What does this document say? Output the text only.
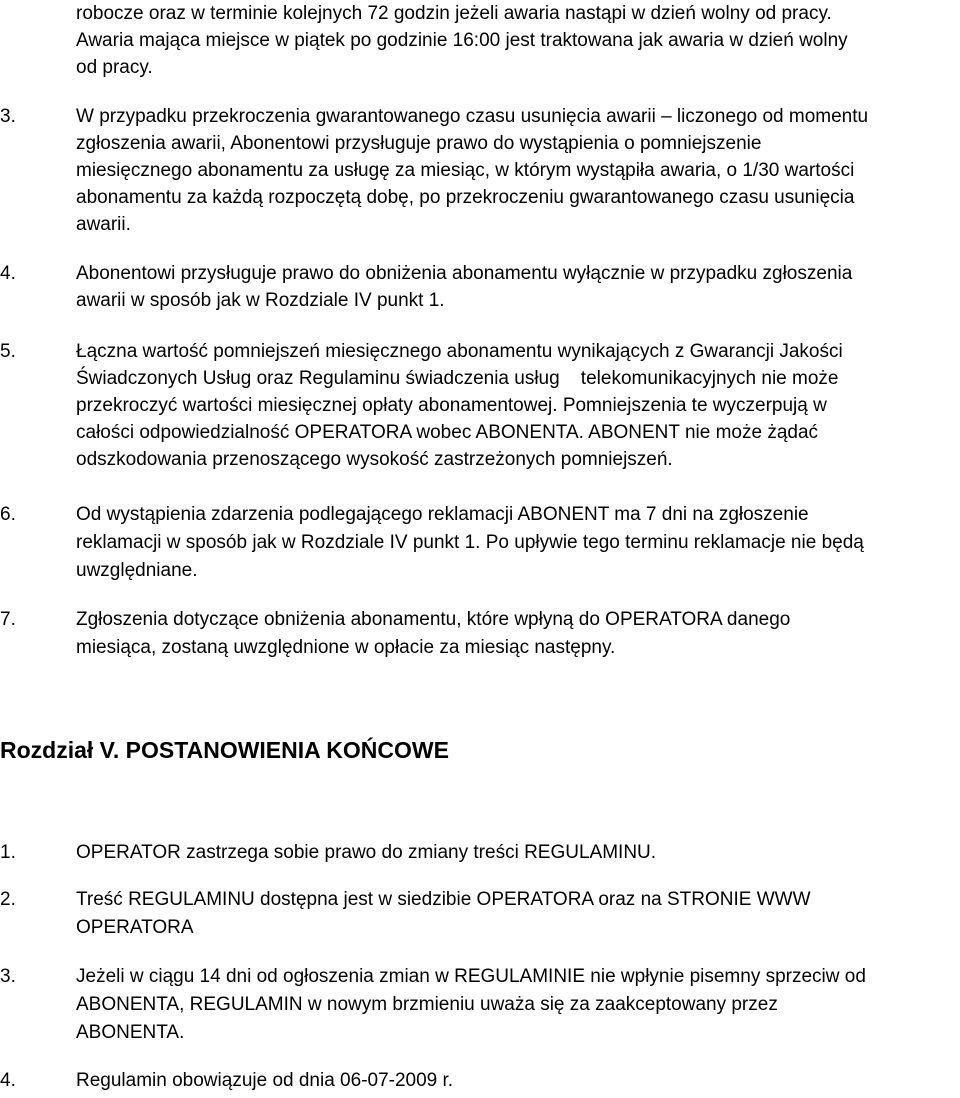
robocze oraz w terminie kolejnych 72 godzin jeżeli awaria nastąpi w dzień wolny od pracy.

Awaria mająca miejsce w piątek po godzinie 16:00 jest traktowana jak awaria w dzień wolny

od pracy.

3.	W przypadku przekroczenia gwarantowanego czasu usunięcia awarii – liczonego od momentu

zgłoszenia awarii, Abonentowi przysługuje prawo do wystąpienia o pomniejszenie

miesięcznego abonamentu za usługę za miesiąc, w którym wystąpiła awaria, o 1/30 wartości

abonamentu za każdą rozpoczętą dobę, po przekroczeniu gwarantowanego czasu usunięcia

awarii.

4.	Abonentowi przysługuje prawo do obniżenia abonamentu wyłącznie w przypadku zgłoszenia

awarii w sposób jak w Rozdziale IV punkt 1.

5.	Łączna wartość pomniejszeń miesięcznego abonamentu wynikających z Gwarancji Jakości

Świadczonych Usług oraz Regulaminu świadczenia usług    telekomunikacyjnych nie może

przekroczyć wartości miesięcznej opłaty abonamentowej. Pomniejszenia te wyczerpują w

całości odpowiedzialność OPERATORA wobec ABONENTA. ABONENT nie może żądać

odszkodowania przenoszącego wysokość zastrzeżonych pomniejszeń.

6.	Od wystąpienia zdarzenia podlegającego reklamacji ABONENT ma 7 dni na zgłoszenie

reklamacji w sposób jak w Rozdziale IV punkt 1. Po upływie tego terminu reklamacje nie będą

uwzględniane.

7.	Zgłoszenia dotyczące obniżenia abonamentu, które wpłyną do OPERATORA danego

miesiąca, zostaną uwzględnione w opłacie za miesiąc następny.

Rozdział V. POSTANOWIENIA KOŃCOWE
1.	OPERATOR zastrzega sobie prawo do zmiany treści REGULAMINU.

2.	Treść REGULAMINU dostępna jest w siedzibie OPERATORA oraz na STRONIE WWW

OPERATORA

3.	Jeżeli w ciągu 14 dni od ogłoszenia zmian w REGULAMINIE nie wpłynie pisemny sprzeciw od

ABONENTA, REGULAMIN w nowym brzmieniu uważa się za zaakceptowany przez

ABONENTA.

4.	Regulamin obowiązuje od dnia 06-07-2009 r.
